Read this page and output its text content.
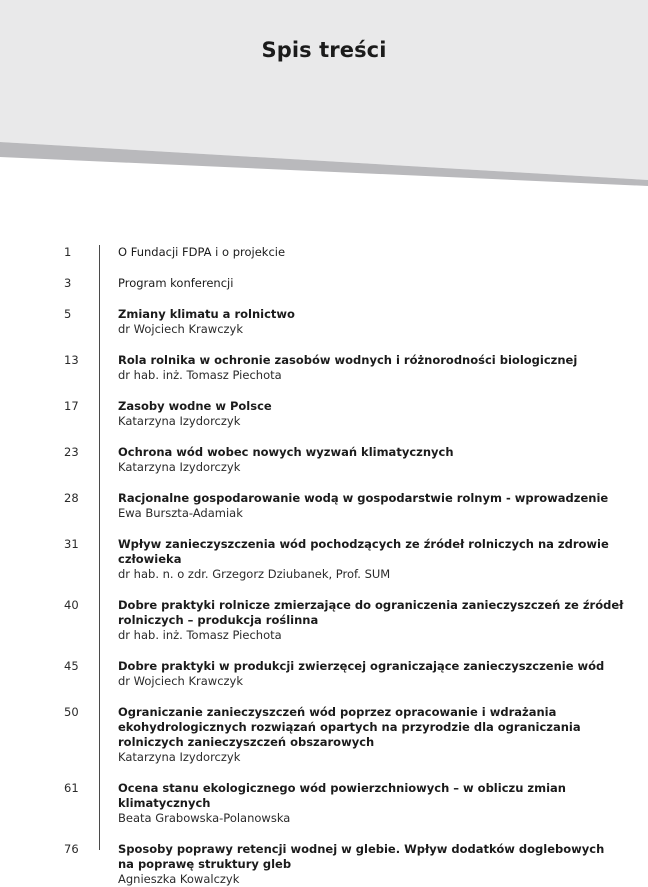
Spis treści
1	O Fundacji FDPA i o projekcie
3	Program konferencji
5	Zmiany klimatu a rolnictwo
dr Wojciech Krawczyk
13	Rola rolnika w ochronie zasobów wodnych i różnorodności biologicznej
dr hab. inż. Tomasz Piechota
17	Zasoby wodne w Polsce
Katarzyna Izydorczyk
23	Ochrona wód wobec nowych wyzwań klimatycznych
Katarzyna Izydorczyk
28	Racjonalne gospodarowanie wodą w gospodarstwie rolnym - wprowadzenie
Ewa Burszta-Adamiak
31	Wpływ zanieczyszczenia wód pochodzących ze źródeł rolniczych na zdrowie człowieka
dr hab. n. o zdr. Grzegorz Dziubanek, Prof. SUM
40	Dobre praktyki rolnicze zmierzające do ograniczenia zanieczyszczeń ze źródeł rolniczych – produkcja roślinna
dr hab. inż. Tomasz Piechota
45	Dobre praktyki w produkcji zwierzęcej ograniczające zanieczyszczenie wód
dr Wojciech Krawczyk
50	Ograniczanie zanieczyszczeń wód poprzez opracowanie i wdrażania ekohydrologicznych rozwiązań opartych na przyrodzie dla ograniczania rolniczych zanieczyszczeń obszarowych
Katarzyna Izydorczyk
61	Ocena stanu ekologicznego wód powierzchniowych – w obliczu zmian klimatycznych
Beata Grabowska-Polanowska
76	Sposoby poprawy retencji wodnej w glebie. Wpływ dodatków doglebowych na poprawę struktury gleb
Agnieszka Kowalczyk
